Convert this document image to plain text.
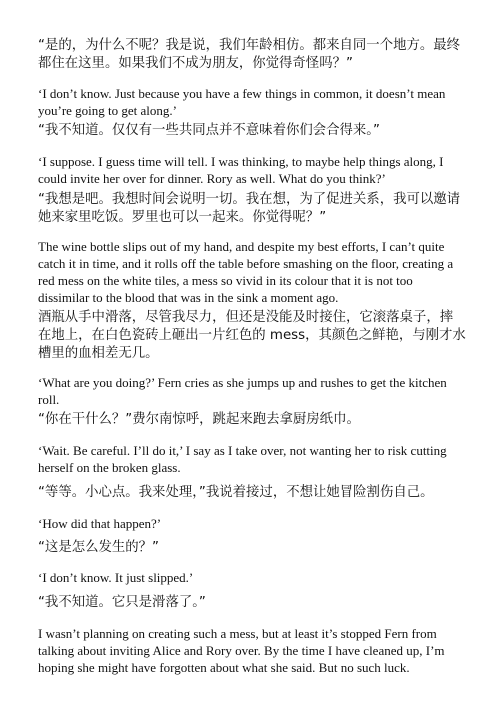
“是的，为什么不呢？我是说，我们年龄相仿。都来自同一个地方。最终都住在这里。如果我们不成为朋友，你觉得奇怪吗？”

‘I don’t know. Just because you have a few things in common, it doesn’t mean you’re going to get along.’

“我不知道。仅仅有一些共同点并不意味着你们会合得来。”

‘I suppose. I guess time will tell. I was thinking, to maybe help things along, I could invite her over for dinner. Rory as well. What do you think?’

“我想是吧。我想时间会说明一切。我在想，为了促进关系，我可以邀请她来家里吃饭。罗里也可以一起来。你觉得呢？”

The wine bottle slips out of my hand, and despite my best efforts, I can’t quite catch it in time, and it rolls off the table before smashing on the floor, creating a red mess on the white tiles, a mess so vivid in its colour that it is not too dissimilar to the blood that was in the sink a moment ago.

酒瓶从手中滑落，尽管我尽力，但还是没能及时接住，它滚落桌子，摔在地上，在白色瓷砖上砸出一片红色的 mess，其颜色之鲜艳，与刚才水槽里的血相差无几。

‘What are you doing?’ Fern cries as she jumps up and rushes to get the kitchen roll.

“你在干什么？”费尔南惊呼，跳起来跑去拿厨房纸巾。

‘Wait. Be careful. I’ll do it,’ I say as I take over, not wanting her to risk cutting herself on the broken glass.

“等等。小心点。我来处理，”我说着接过，不想让她冒险割伤自己。

‘How did that happen?’

“这是怎么发生的？”

‘I don’t know. It just slipped.’

“我不知道。它只是滑落了。”

I wasn’t planning on creating such a mess, but at least it’s stopped Fern from talking about inviting Alice and Rory over. By the time I have cleaned up, I’m hoping she might have forgotten about what she said. But no such luck.
